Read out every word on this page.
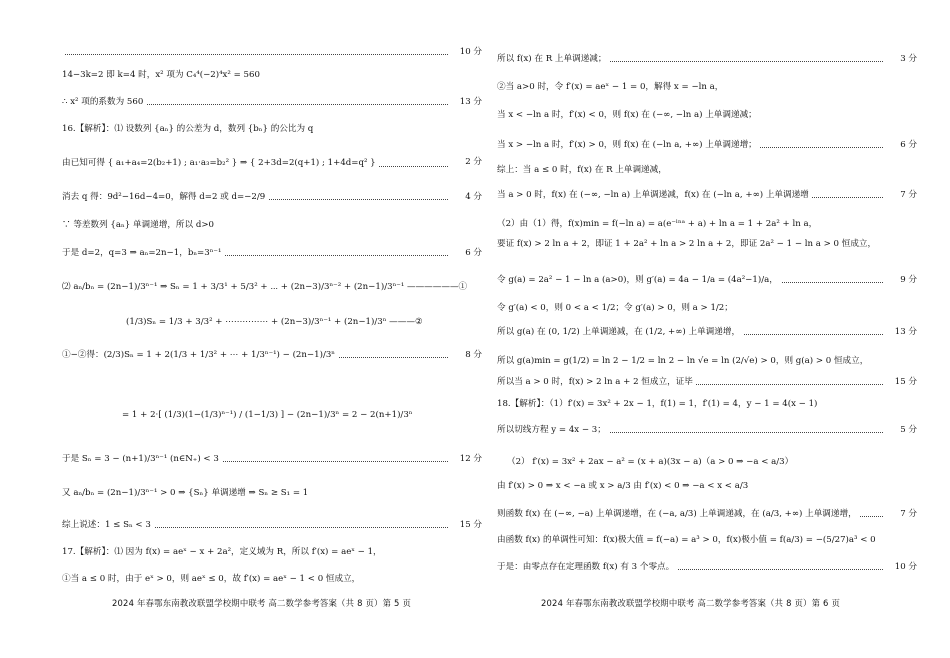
10 分
14−3k=2 即 k=4 时，x² 项为 C₄⁴(−2)⁴x² = 560
∴ x² 项的系数为 560	13 分
16.【解析】：⑴ 设数列 {aₙ} 的公差为 d，数列 {bₙ} 的公比为 q
由已知可得 { a₁+a₄=2(b₂+1) ; a₁·a₃=b₂² } ⇒ { 2+3d=2(q+1) ; 1+4d=q² }	2 分
消去 q 得：9d²−16d−4=0，解得 d=2 或 d=−2/9	4 分
∵ 等差数列 {aₙ} 单调递增，所以 d>0
于是 d=2，q=3 ⇒ aₙ=2n−1，bₙ=3ⁿ⁻¹	6 分
⑵ aₙ/bₙ = (2n−1)/3ⁿ⁻¹ ⇒ Sₙ = 1 + 3/3¹ + 5/3² + ⋯ + (2n−3)/3ⁿ⁻² + (2n−1)/3ⁿ⁻¹ ——————①
(1/3)Sₙ = 1/3 + 3/3² + ⋯⋯⋯⋯⋯ + (2n−3)/3ⁿ⁻¹ + (2n−1)/3ⁿ ———②
①−②得：(2/3)Sₙ = 1 + 2(1/3 + 1/3² + ⋯ + 1/3ⁿ⁻¹) − (2n−1)/3ⁿ	8 分
= 1 + 2·[ (1/3)(1−(1/3)ⁿ⁻¹) / (1−1/3) ] − (2n−1)/3ⁿ = 2 − 2(n+1)/3ⁿ
于是 Sₙ = 3 − (n+1)/3ⁿ⁻¹ (n∈N₊) < 3	12 分
又 aₙ/bₙ = (2n−1)/3ⁿ⁻¹ > 0 ⇒ {Sₙ} 单调递增 ⇒ Sₙ ≥ S₁ = 1
综上说述：1 ≤ Sₙ < 3	15 分
17.【解析】：⑴ 因为 f(x) = aeˣ − x + 2a²，定义域为 R，所以 f′(x) = aeˣ − 1，
①当 a ≤ 0 时，由于 eˣ > 0，则 aeˣ ≤ 0，故 f′(x) = aeˣ − 1 < 0 恒成立，
所以 f(x) 在 R 上单调递减；	3 分
②当 a>0 时，令 f′(x) = aeˣ − 1 = 0，解得 x = −ln a，
当 x < −ln a 时，f′(x) < 0，则 f(x) 在 (−∞, −ln a) 上单调递减；
当 x > −ln a 时，f′(x) > 0，则 f(x) 在 (−ln a, +∞) 上单调递增；	6 分
综上：当 a ≤ 0 时，f(x) 在 R 上单调递减，
当 a > 0 时，f(x) 在 (−∞, −ln a) 上单调递减，f(x) 在 (−ln a, +∞) 上单调递增	7 分
（2）由（1）得，f(x)min = f(−ln a) = a(e⁻ˡⁿᵃ + a) + ln a = 1 + 2a² + ln a，
要证 f(x) > 2 ln a + 2，即证 1 + 2a² + ln a > 2 ln a + 2，即证 2a² − 1 − ln a > 0 恒成立，
令 g(a) = 2a² − 1 − ln a (a>0)，则 g′(a) = 4a − 1/a = (4a²−1)/a，	9 分
令 g′(a) < 0，则 0 < a < 1/2；令 g′(a) > 0，则 a > 1/2；
所以 g(a) 在 (0, 1/2) 上单调递减，在 (1/2, +∞) 上单调递增，	13 分
所以 g(a)min = g(1/2) = ln 2 − 1/2 = ln 2 − ln √e = ln (2/√e) > 0，则 g(a) > 0 恒成立，
所以当 a > 0 时，f(x) > 2 ln a + 2 恒成立，证毕	15 分
18.【解析】：（1）f′(x) = 3x² + 2x − 1，f(1) = 1，f′(1) = 4，y − 1 = 4(x − 1)
所以切线方程 y = 4x − 3；	5 分
（2） f′(x) = 3x² + 2ax − a² = (x + a)(3x − a)（a > 0 ⇒ −a < a/3）
由 f′(x) > 0 ⇒ x < −a 或 x > a/3 由 f′(x) < 0 ⇒ −a < x < a/3
则函数 f(x) 在 (−∞, −a) 上单调递增，在 (−a, a/3) 上单调递减，在 (a/3, +∞) 上单调递增，	7 分
由函数 f(x) 的单调性可知：f(x)极大值 = f(−a) = a³ > 0，f(x)极小值 = f(a/3) = −(5/27)a³ < 0
于是：由零点存在定理函数 f(x) 有 3 个零点。	10 分
2024 年春鄂东南教改联盟学校期中联考 高二数学参考答案（共 8 页）第 5 页	2024 年春鄂东南教改联盟学校期中联考 高二数学参考答案（共 8 页）第 6 页
